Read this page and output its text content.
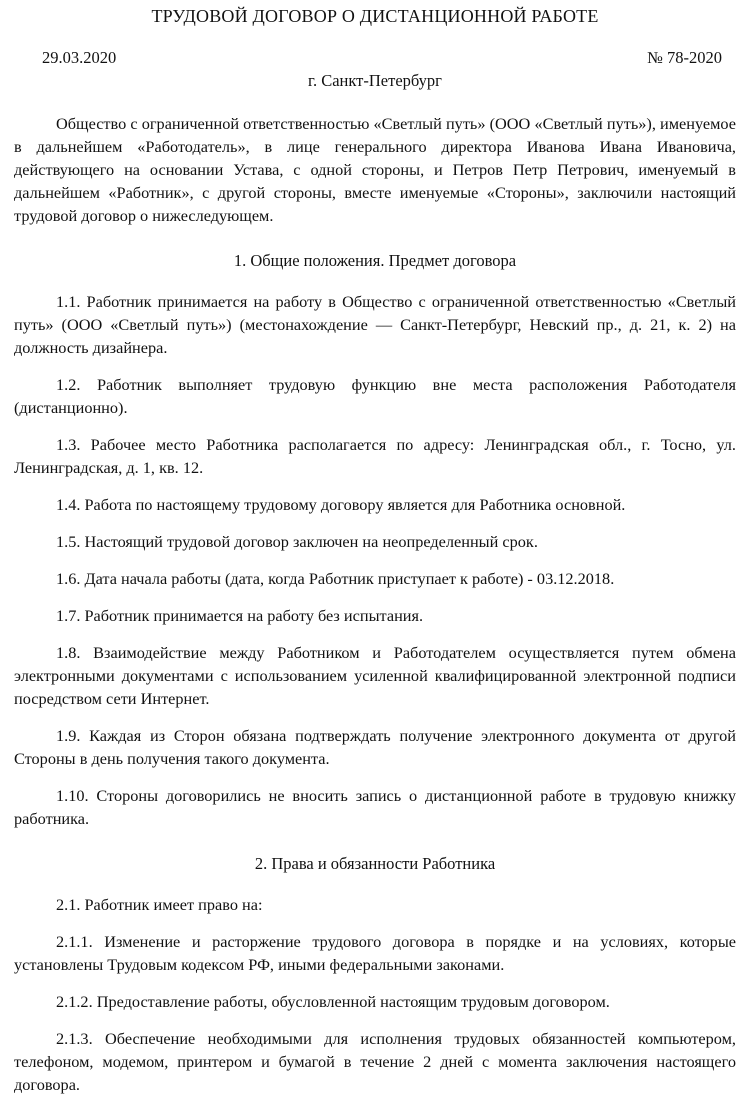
ТРУДОВОЙ ДОГОВОР О ДИСТАНЦИОННОЙ РАБОТЕ
29.03.2020	№ 78-2020
г. Санкт-Петербург

Общество с ограниченной ответственностью «Светлый путь» (ООО «Светлый путь»), именуемое в дальнейшем «Работодатель», в лице генерального директора Иванова Ивана Ивановича, действующего на основании Устава, с одной стороны, и Петров Петр Петрович, именуемый в дальнейшем «Работник», с другой стороны, вместе именуемые «Стороны», заключили настоящий трудовой договор о нижеследующем.

1. Общие положения. Предмет договора

1.1. Работник принимается на работу в Общество с ограниченной ответственностью «Светлый путь» (ООО «Светлый путь») (местонахождение — Санкт-Петербург, Невский пр., д. 21, к. 2) на должность дизайнера.

1.2. Работник выполняет трудовую функцию вне места расположения Работодателя (дистанционно).

1.3. Рабочее место Работника располагается по адресу: Ленинградская обл., г. Тосно, ул. Ленинградская, д. 1, кв. 12.

1.4. Работа по настоящему трудовому договору является для Работника основной.

1.5. Настоящий трудовой договор заключен на неопределенный срок.

1.6. Дата начала работы (дата, когда Работник приступает к работе) - 03.12.2018.

1.7. Работник принимается на работу без испытания.

1.8. Взаимодействие между Работником и Работодателем осуществляется путем обмена электронными документами с использованием усиленной квалифицированной электронной подписи посредством сети Интернет.

1.9. Каждая из Сторон обязана подтверждать получение электронного документа от другой Стороны в день получения такого документа.

1.10. Стороны договорились не вносить запись о дистанционной работе в трудовую книжку работника.

2. Права и обязанности Работника

2.1. Работник имеет право на:

2.1.1. Изменение и расторжение трудового договора в порядке и на условиях, которые установлены Трудовым кодексом РФ, иными федеральными законами.

2.1.2. Предоставление работы, обусловленной настоящим трудовым договором.

2.1.3. Обеспечение необходимыми для исполнения трудовых обязанностей компьютером, телефоном, модемом, принтером и бумагой в течение 2 дней с момента заключения настоящего договора.
